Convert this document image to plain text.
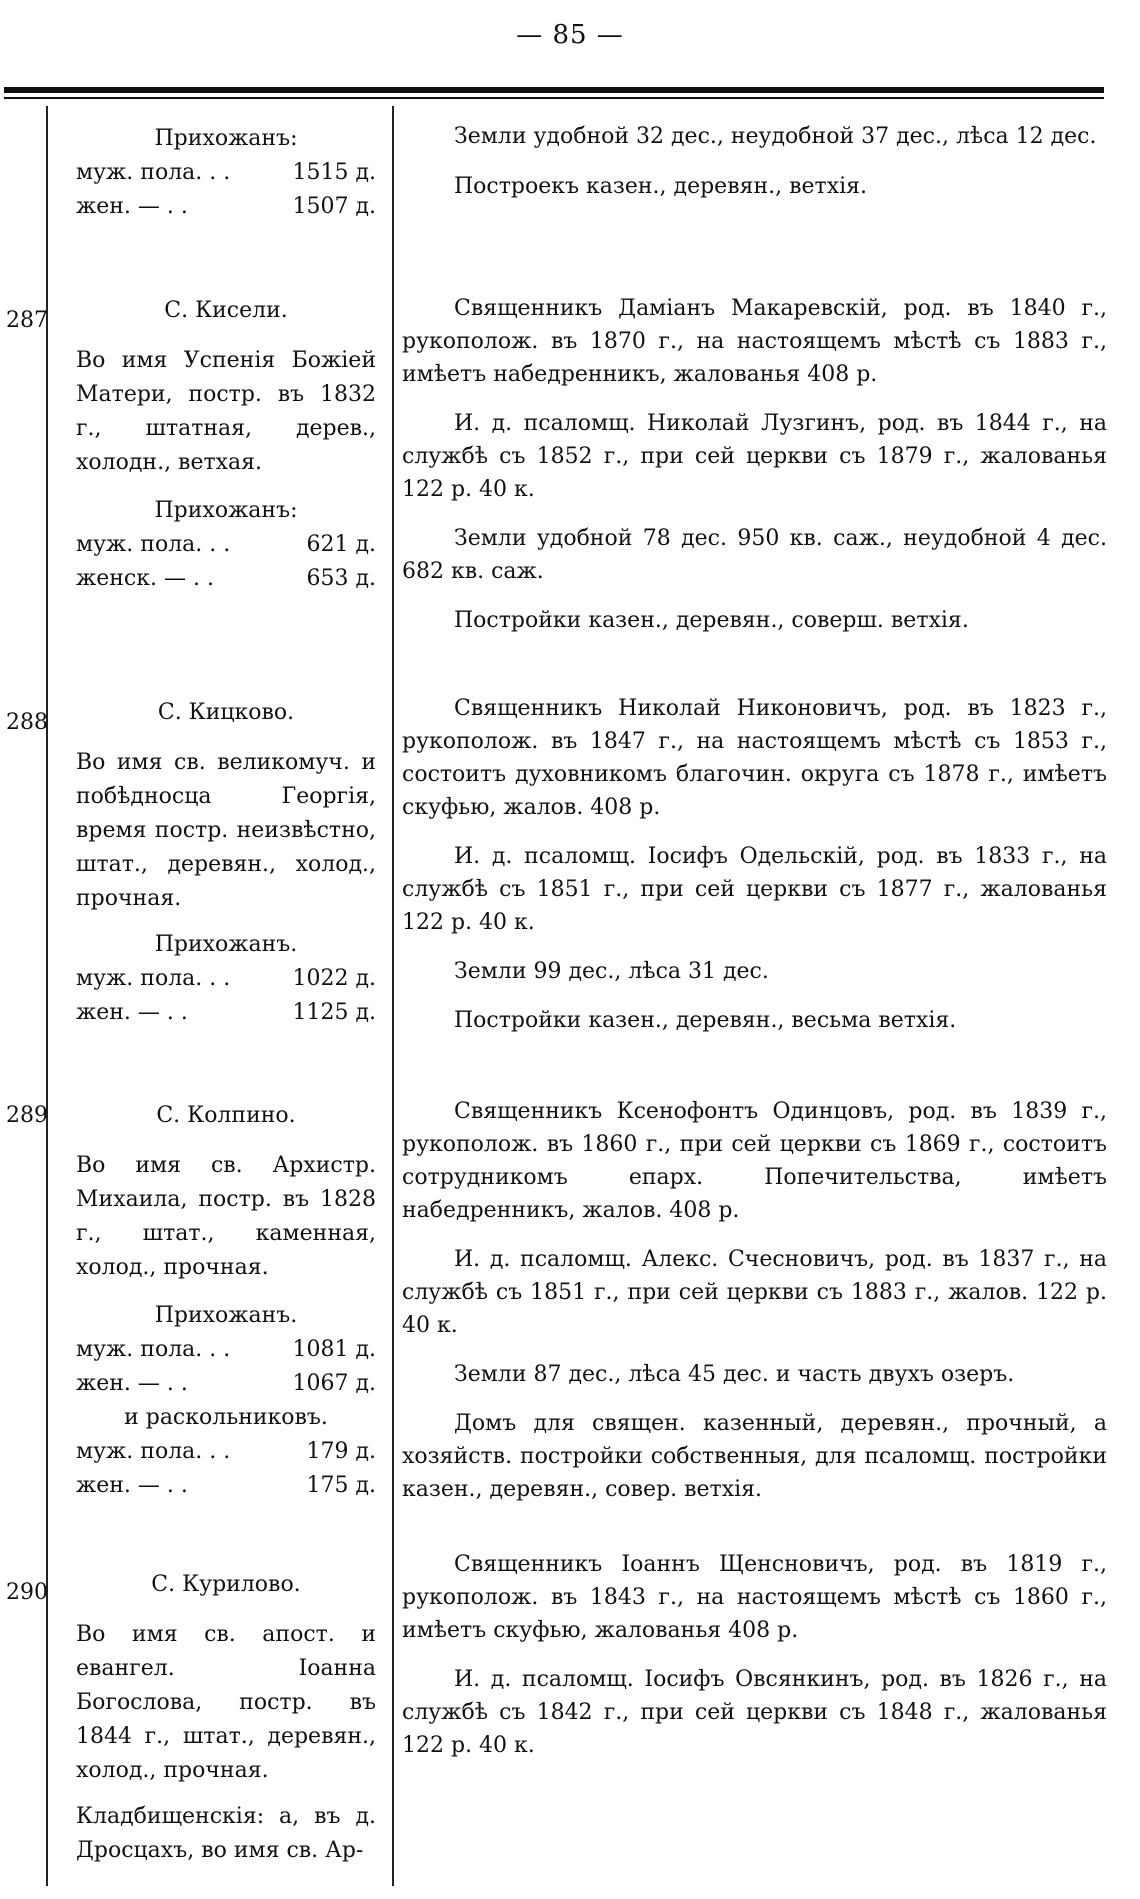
— 85 —
Прихожанъ:
муж. пола. . .	1515 д.
жен. — . .	1507 д.

Земли удобной 32 дес., неудобной 37 дес., лѣса 12 дес.

Построекъ казен., деревян., ветхія.

287	С. Кисели.
Во имя Успенія Божіей Матери, постр. въ 1832 г., штатная, дерев., холодн., ветхая.
Прихожанъ:
муж. пола. . .	621 д.
женск. — . .	653 д.

Священникъ Даміанъ Макаревскій, род. въ 1840 г., рукополож. въ 1870 г., на настоящемъ мѣстѣ съ 1883 г., имѣетъ набедренникъ, жалованья 408 р.

И. д. псаломщ. Николай Лузгинъ, род. въ 1844 г., на службѣ съ 1852 г., при сей церкви съ 1879 г., жалованья 122 р. 40 к.

Земли удобной 78 дес. 950 кв. саж., неудобной 4 дес. 682 кв. саж.

Постройки казен., деревян., соверш. ветхія.

288	С. Кицково.
Во имя св. великомуч. и побѣдносца Георгія, время постр. неизвѣстно, штат., деревян., холод., прочная.
Прихожанъ.
муж. пола. . .	1022 д.
жен. — . .	1125 д.

Священникъ Николай Никоновичъ, род. въ 1823 г., рукополож. въ 1847 г., на настоящемъ мѣстѣ съ 1853 г., состоитъ духовникомъ благочин. округа съ 1878 г., имѣетъ скуфью, жалов. 408 р.

И. д. псаломщ. Іосифъ Одельскій, род. въ 1833 г., на службѣ съ 1851 г., при сей церкви съ 1877 г., жалованья 122 р. 40 к.

Земли 99 дес., лѣса 31 дес.

Постройки казен., деревян., весьма ветхія.

289	С. Колпино.
Во имя св. Архистр. Михаила, постр. въ 1828 г., штат., каменная, холод., прочная.
Прихожанъ.
муж. пола. . .	1081 д.
жен. — . .	1067 д.
и раскольниковъ.
муж. пола. . .	179 д.
жен. — . .	175 д.

Священникъ Ксенофонтъ Одинцовъ, род. въ 1839 г., рукополож. въ 1860 г., при сей церкви съ 1869 г., состоитъ сотрудникомъ епарх. Попечительства, имѣетъ набедренникъ, жалов. 408 р.

И. д. псаломщ. Алекс. Счесновичъ, род. въ 1837 г., на службѣ съ 1851 г., при сей церкви съ 1883 г., жалов. 122 р. 40 к.

Земли 87 дес., лѣса 45 дес. и часть двухъ озеръ.

Домъ для священ. казенный, деревян., прочный, а хозяйств. постройки собственныя, для псаломщ. постройки казен., деревян., совер. ветхія.

290	С. Курилово.
Во имя св. апост. и евангел. Іоанна Богослова, постр. въ 1844 г., штат., деревян., холод., прочная.
Кладбищенскія: а, въ д. Дросцахъ, во имя св. Ар-

Священникъ Іоаннъ Щенсновичъ, род. въ 1819 г., рукополож. въ 1843 г., на настоящемъ мѣстѣ съ 1860 г., имѣетъ скуфью, жалованья 408 р.

И. д. псаломщ. Іосифъ Овсянкинъ, род. въ 1826 г., на службѣ съ 1842 г., при сей церкви съ 1848 г., жалованья 122 р. 40 к.
